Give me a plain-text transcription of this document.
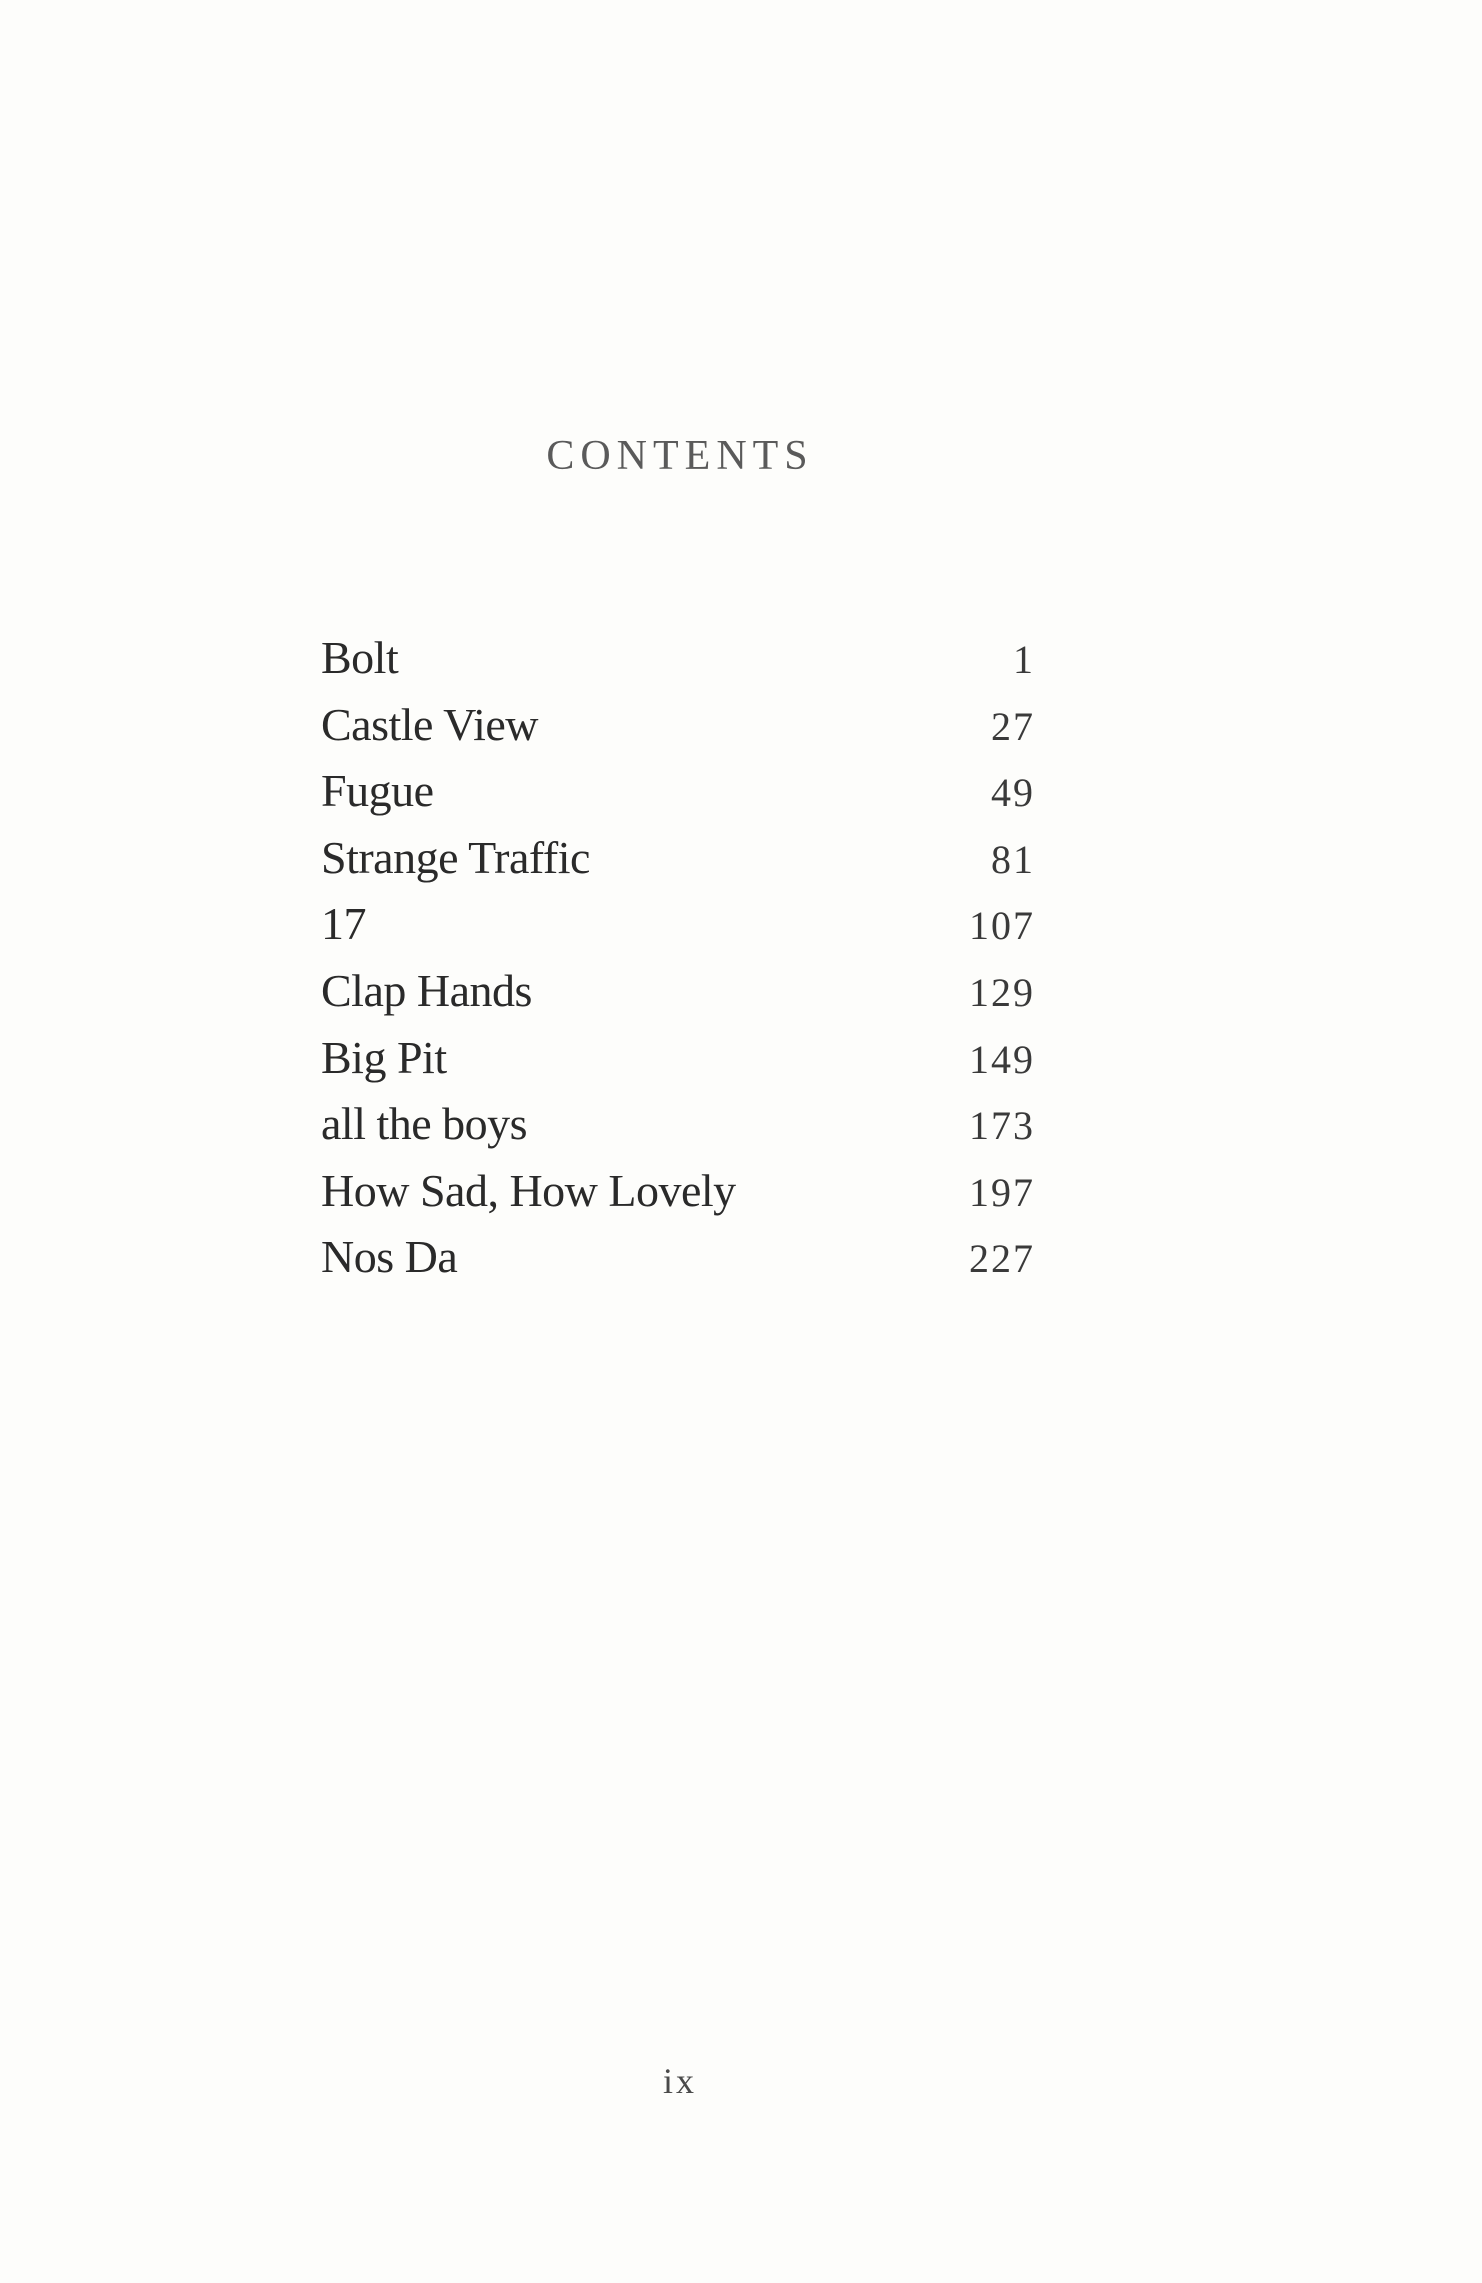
CONTENTS
Bolt	1
Castle View	27
Fugue	49
Strange Traffic	81
17	107
Clap Hands	129
Big Pit	149
all the boys	173
How Sad, How Lovely	197
Nos Da	227
ix
